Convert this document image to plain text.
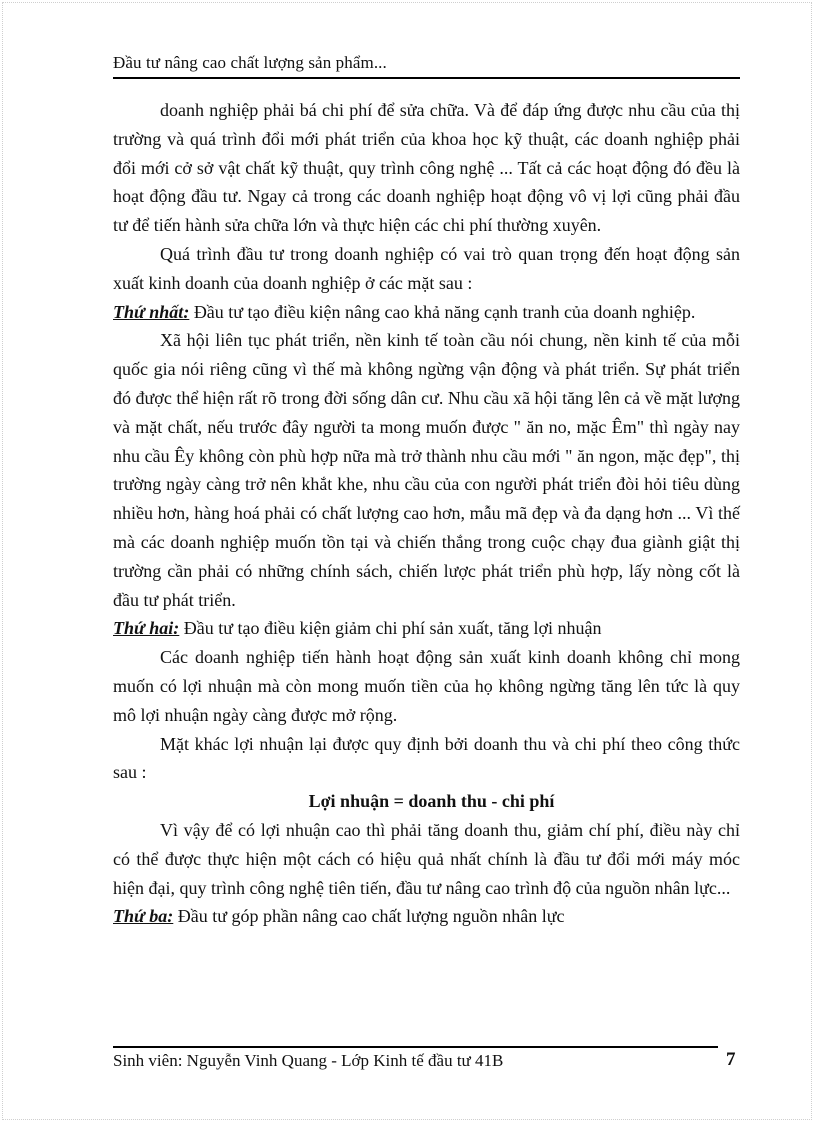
Đầu tư nâng cao chất lượng sản phẩm...

doanh nghiệp phải bá chi phí để sửa chữa. Và để đáp ứng được nhu cầu của thị trường và quá trình đổi mới phát triển của khoa học kỹ thuật, các doanh nghiệp phải đổi mới cở sở vật chất kỹ thuật, quy trình công nghệ ... Tất cả các hoạt động đó đều là hoạt động đầu tư. Ngay cả trong các doanh nghiệp hoạt động vô vị lợi cũng phải đầu tư để tiến hành sửa chữa lớn và thực hiện các chi phí thường xuyên.

Quá trình đầu tư trong doanh nghiệp có vai trò quan trọng đến hoạt động sản xuất kinh doanh của doanh nghiệp ở các mặt sau :

Thứ nhất: Đầu tư tạo điều kiện nâng cao khả năng cạnh tranh của doanh nghiệp.

Xã hội liên tục phát triển, nền kinh tế toàn cầu nói chung, nền kinh tế của mỗi quốc gia nói riêng cũng vì thế mà không ngừng vận động và phát triển. Sự phát triển đó được thể hiện rất rõ trong đời sống dân cư. Nhu cầu xã hội tăng lên cả về mặt lượng và mặt chất, nếu trước đây người ta mong muốn được " ăn no, mặc Êm" thì ngày nay nhu cầu Êy không còn phù hợp nữa mà trở thành nhu cầu mới " ăn ngon, mặc đẹp", thị trường ngày càng trở nên khắt khe, nhu cầu của con người phát triển đòi hỏi tiêu dùng nhiều hơn, hàng hoá phải có chất lượng cao hơn, mẫu mã đẹp và đa dạng hơn ... Vì thế mà các doanh nghiệp muốn tồn tại và chiến thắng trong cuộc chạy đua giành giật thị trường cần phải có những chính sách, chiến lược phát triển phù hợp, lấy nòng cốt là đầu tư phát triển.

Thứ hai: Đầu tư tạo điều kiện giảm chi phí sản xuất, tăng lợi nhuận

Các doanh nghiệp tiến hành hoạt động sản xuất kinh doanh không chỉ mong muốn có lợi nhuận mà còn mong muốn tiền của họ không ngừng tăng lên tức là quy mô lợi nhuận ngày càng được mở rộng.

Mặt khác lợi nhuận lại được quy định bởi doanh thu và chi phí theo công thức sau :

Lợi nhuận = doanh thu - chi phí

Vì vậy để có lợi nhuận cao thì phải tăng doanh thu, giảm chí phí, điều này chỉ có thể được thực hiện một cách có hiệu quả nhất chính là đầu tư đổi mới máy móc hiện đại, quy trình công nghệ tiên tiến, đầu tư nâng cao trình độ của nguồn nhân lực...

Thứ ba: Đầu tư góp phần nâng cao chất lượng nguồn nhân lực

Sinh viên: Nguyễn Vinh Quang - Lớp Kinh tế đầu tư 41B	7
